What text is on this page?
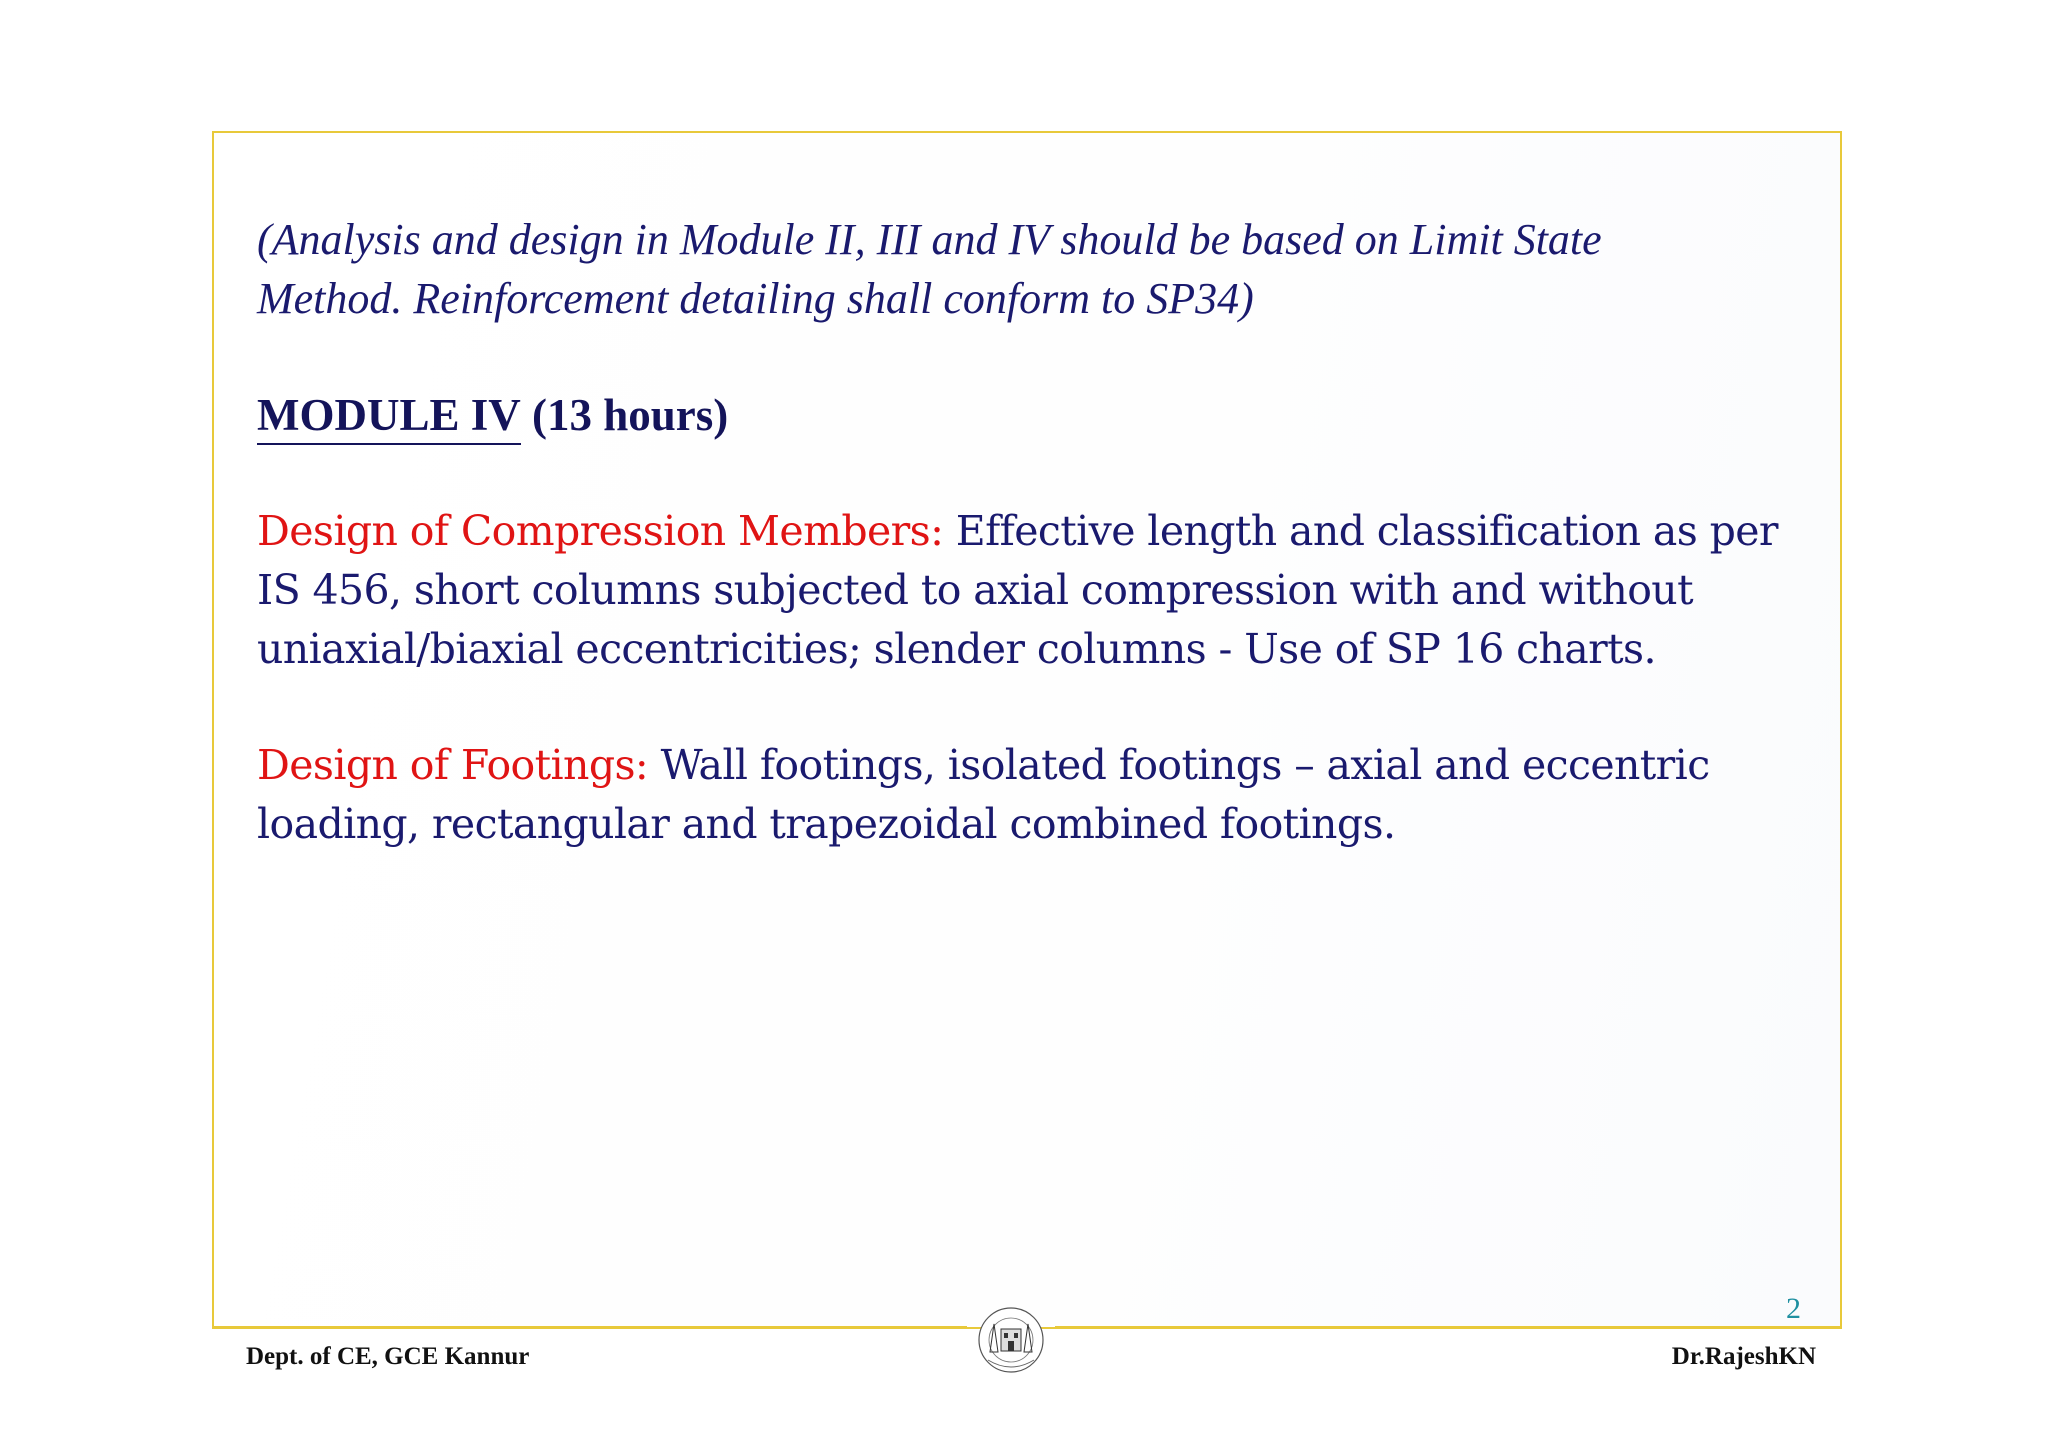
(Analysis and design in Module II, III and IV should be based on Limit State
Method. Reinforcement detailing shall conform to SP34)

MODULE IV (13 hours)
Design of Compression Members: Effective length and classification as per IS 456, short columns subjected to axial compression with and without uniaxial/biaxial eccentricities; slender columns - Use of SP 16 charts.
Design of Footings: Wall footings, isolated footings – axial and eccentric loading, rectangular and trapezoidal combined footings.
2
Dept. of CE, GCE Kannur	Dr.RajeshKN
